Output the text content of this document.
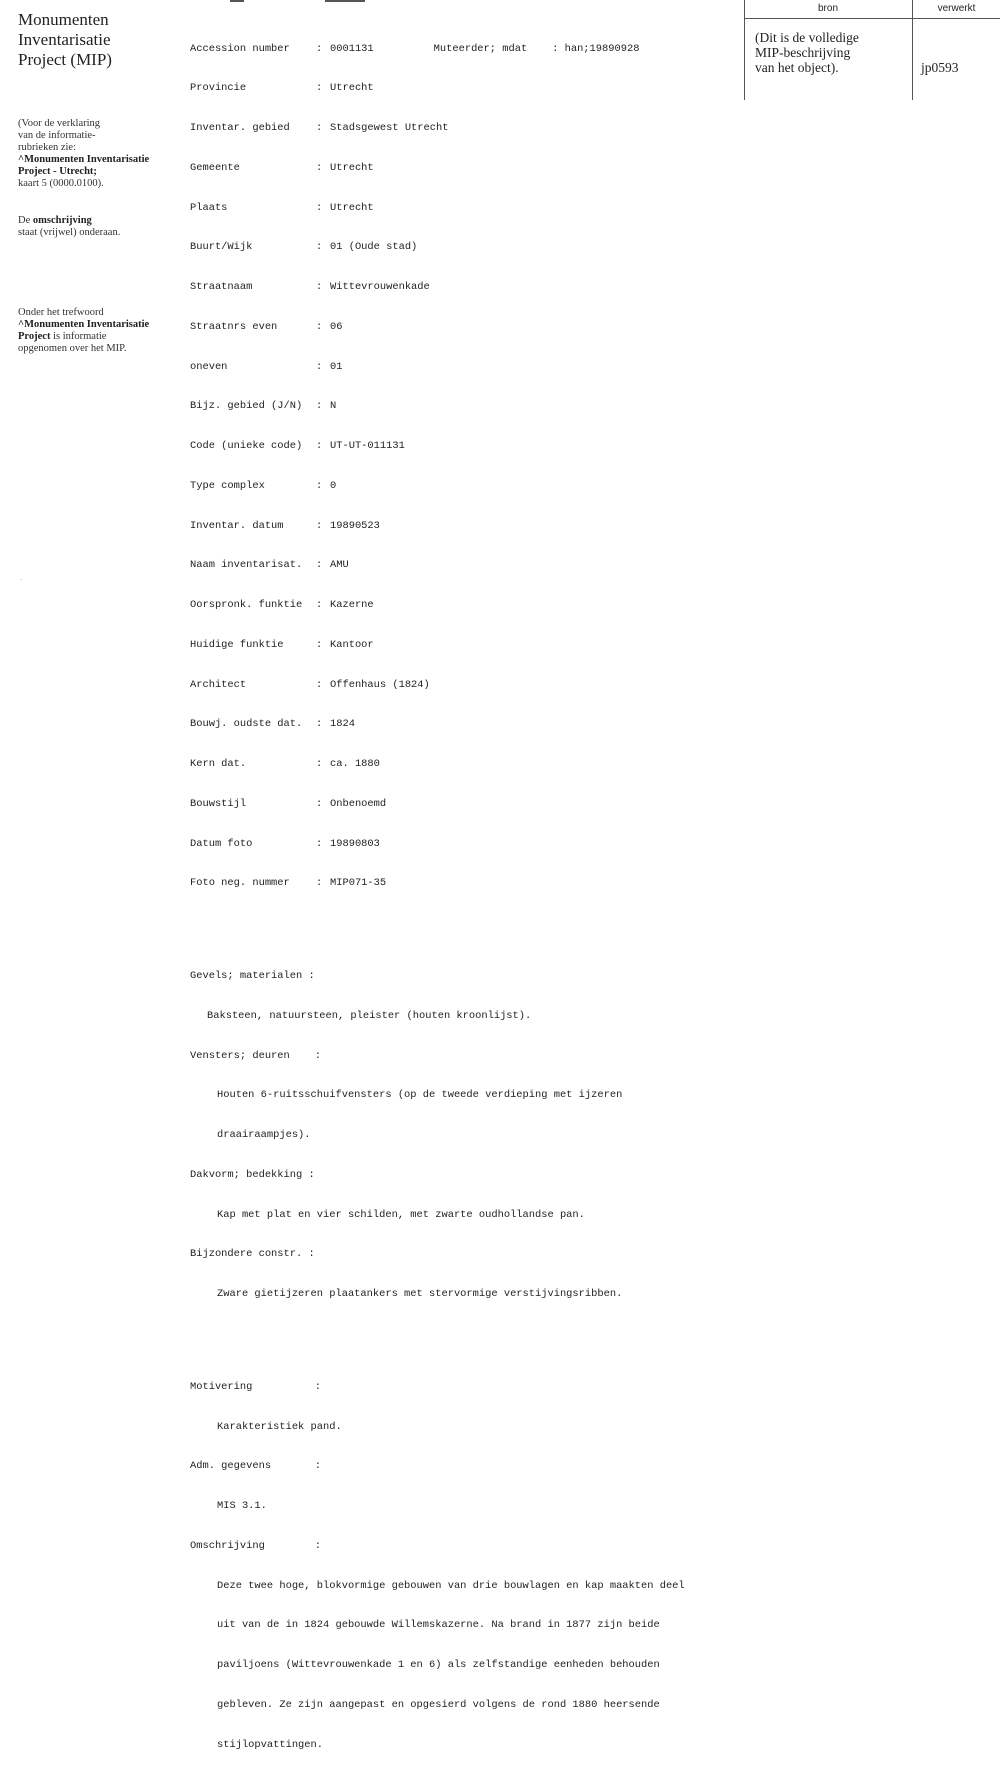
Monumenten
Inventarisatie
Project (MIP)
(Voor de verklaring
van de informatie-
rubrieken zie:
^Monumenten Inventarisatie
Project - Utrecht;
kaart 5 (0000.0100).
De omschrijving
staat (vrijwel) onderaan.
Onder het trefwoord
^Monumenten Inventarisatie
Project is informatie
opgenomen over het MIP.
.

Accession number	: 0001131	Muteerder; mdat    : han;19890928

Provincie	: Utrecht

Inventar. gebied	: Stadsgewest Utrecht

Gemeente	: Utrecht

Plaats	: Utrecht

Buurt/Wijk	: 01 (Oude stad)

Straatnaam	: Wittevrouwenkade

Straatnrs even	: 06

oneven	: 01

Bijz. gebied (J/N)	: N

Code (unieke code)	: UT-UT-011131

Type complex	: 0

Inventar. datum	: 19890523

Naam inventarisat.	: AMU

Oorspronk. funktie	: Kazerne

Huidige funktie	: Kantoor

Architect	: Offenhaus (1824)

Bouwj. oudste dat.	: 1824

Kern dat.	: ca. 1880

Bouwstijl	: Onbenoemd

Datum foto	: 19890803

Foto neg. nummer	: MIP071-35

Gevels; materialen :

Baksteen, natuursteen, pleister (houten kroonlijst).

Vensters; deuren    :

Houten 6-ruitsschuifvensters (op de tweede verdieping met ijzeren

draairaampjes).

Dakvorm; bedekking :

Kap met plat en vier schilden, met zwarte oudhollandse pan.

Bijzondere constr. :

Zware gietijzeren plaatankers met stervormige verstijvingsribben.

Motivering          :

Karakteristiek pand.

Adm. gegevens       :

MIS 3.1.

Omschrijving        :

Deze twee hoge, blokvormige gebouwen van drie bouwlagen en kap maakten deel

uit van de in 1824 gebouwde Willemskazerne. Na brand in 1877 zijn beide

paviljoens (Wittevrouwenkade 1 en 6) als zelfstandige eenheden behouden

gebleven. Ze zijn aangepast en opgesierd volgens de rond 1880 heersende

stijlopvattingen.

bron	verwerkt
(Dit is de volledige
MIP-beschrijving
van het object).	jp0593
